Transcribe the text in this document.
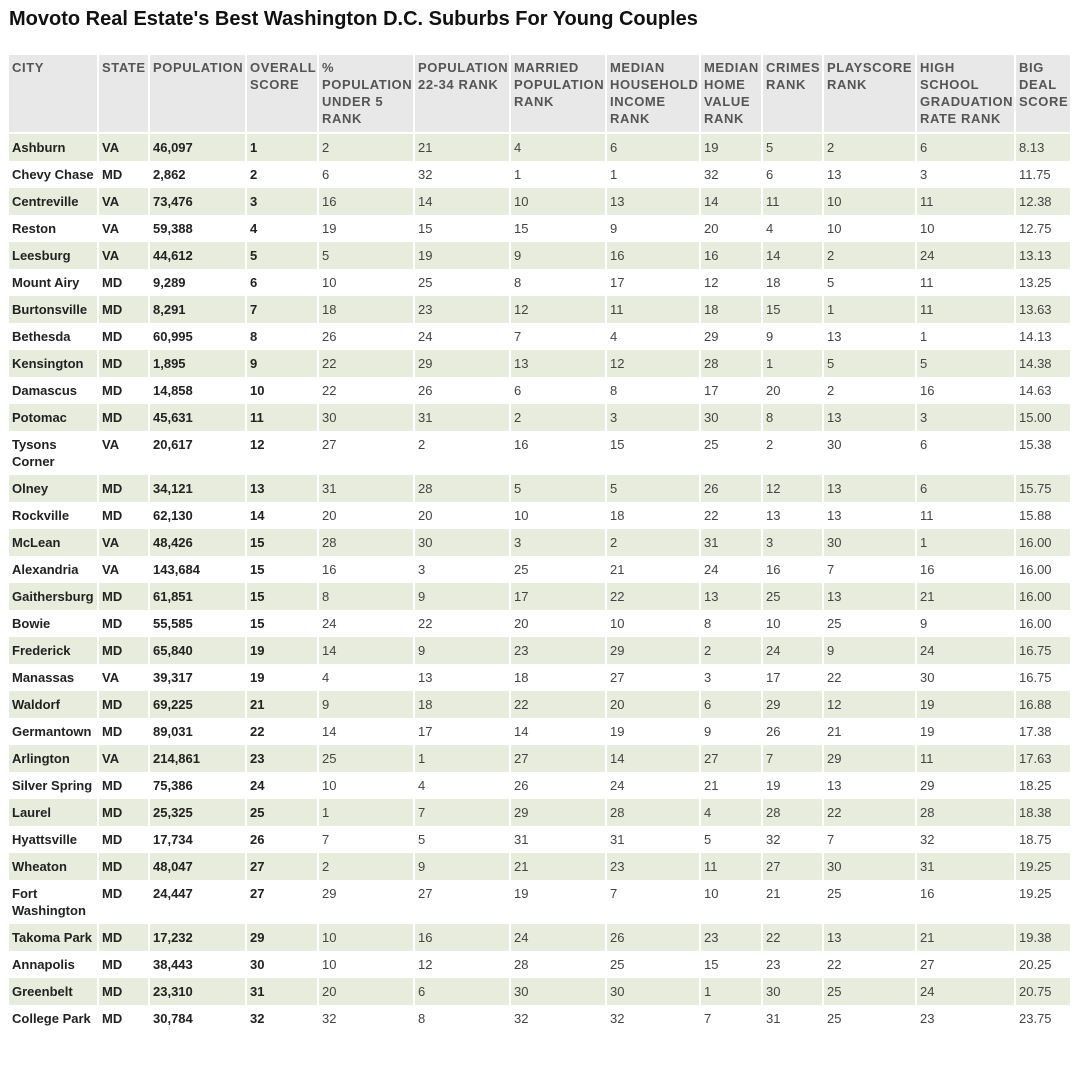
Movoto Real Estate's Best Washington D.C. Suburbs For Young Couples
CITY	STATE	POPULATION	OVERALL SCORE	% POPULATION UNDER 5 RANK	POPULATION 22-34 RANK	MARRIED POPULATION RANK	MEDIAN HOUSEHOLD INCOME RANK	MEDIAN HOME VALUE RANK	CRIMES RANK	PLAYSCORE RANK	HIGH SCHOOL GRADUATION RATE RANK	BIG DEAL SCORE
Ashburn	VA	46,097	1	2	21	4	6	19	5	2	6	8.13
Chevy Chase	MD	2,862	2	6	32	1	1	32	6	13	3	11.75
Centreville	VA	73,476	3	16	14	10	13	14	11	10	11	12.38
Reston	VA	59,388	4	19	15	15	9	20	4	10	10	12.75
Leesburg	VA	44,612	5	5	19	9	16	16	14	2	24	13.13
Mount Airy	MD	9,289	6	10	25	8	17	12	18	5	11	13.25
Burtonsville	MD	8,291	7	18	23	12	11	18	15	1	11	13.63
Bethesda	MD	60,995	8	26	24	7	4	29	9	13	1	14.13
Kensington	MD	1,895	9	22	29	13	12	28	1	5	5	14.38
Damascus	MD	14,858	10	22	26	6	8	17	20	2	16	14.63
Potomac	MD	45,631	11	30	31	2	3	30	8	13	3	15.00
Tysons Corner	VA	20,617	12	27	2	16	15	25	2	30	6	15.38
Olney	MD	34,121	13	31	28	5	5	26	12	13	6	15.75
Rockville	MD	62,130	14	20	20	10	18	22	13	13	11	15.88
McLean	VA	48,426	15	28	30	3	2	31	3	30	1	16.00
Alexandria	VA	143,684	15	16	3	25	21	24	16	7	16	16.00
Gaithersburg	MD	61,851	15	8	9	17	22	13	25	13	21	16.00
Bowie	MD	55,585	15	24	22	20	10	8	10	25	9	16.00
Frederick	MD	65,840	19	14	9	23	29	2	24	9	24	16.75
Manassas	VA	39,317	19	4	13	18	27	3	17	22	30	16.75
Waldorf	MD	69,225	21	9	18	22	20	6	29	12	19	16.88
Germantown	MD	89,031	22	14	17	14	19	9	26	21	19	17.38
Arlington	VA	214,861	23	25	1	27	14	27	7	29	11	17.63
Silver Spring	MD	75,386	24	10	4	26	24	21	19	13	29	18.25
Laurel	MD	25,325	25	1	7	29	28	4	28	22	28	18.38
Hyattsville	MD	17,734	26	7	5	31	31	5	32	7	32	18.75
Wheaton	MD	48,047	27	2	9	21	23	11	27	30	31	19.25
Fort Washington	MD	24,447	27	29	27	19	7	10	21	25	16	19.25
Takoma Park	MD	17,232	29	10	16	24	26	23	22	13	21	19.38
Annapolis	MD	38,443	30	10	12	28	25	15	23	22	27	20.25
Greenbelt	MD	23,310	31	20	6	30	30	1	30	25	24	20.75
College Park	MD	30,784	32	32	8	32	32	7	31	25	23	23.75
